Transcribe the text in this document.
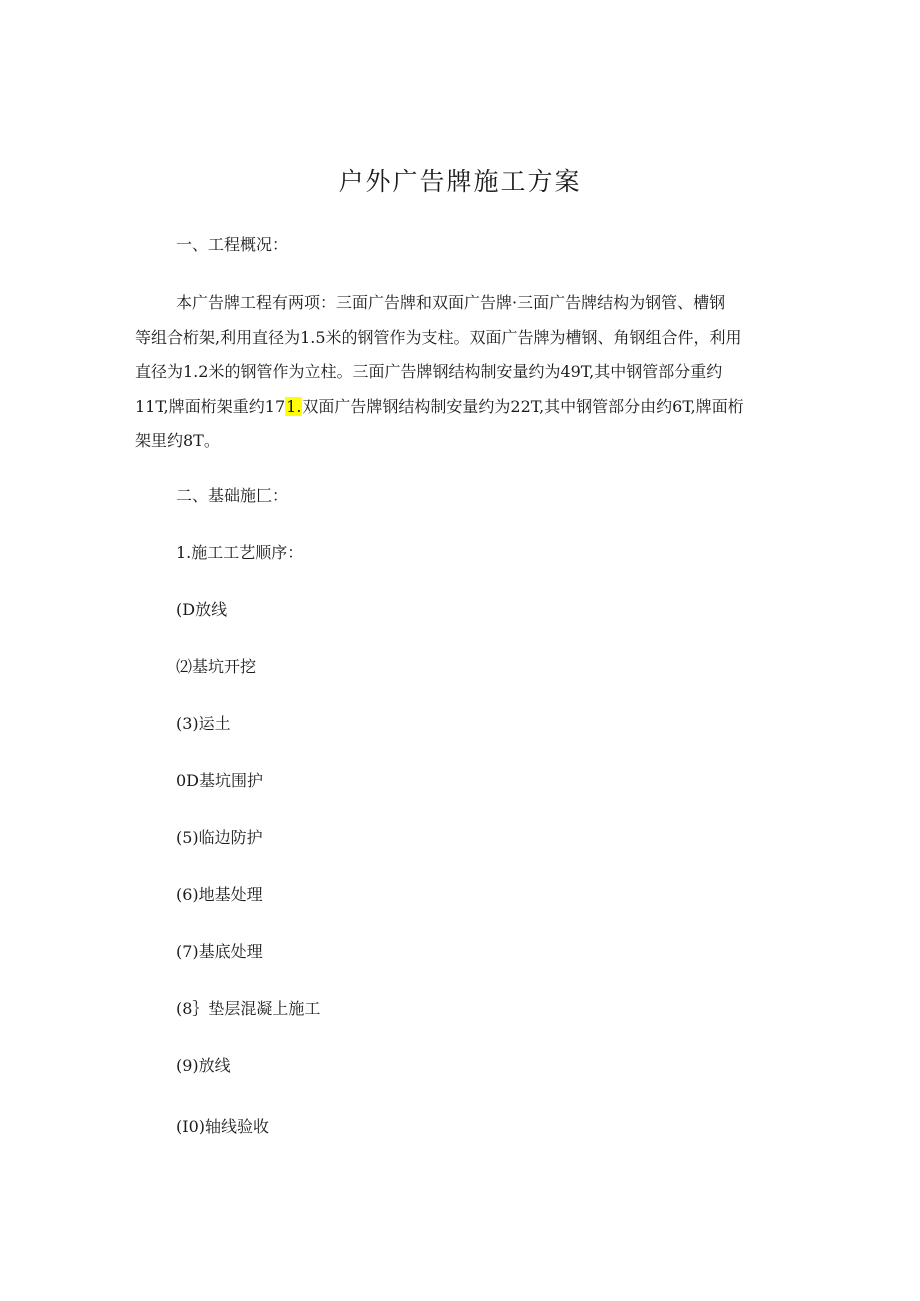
户外广告牌施工方案
一、工程概况：
本广告牌工程有两项：三面广告牌和双面广告牌·三面广告牌结构为钢管、槽钢
等组合桁架,利用直径为1.5米的钢管作为支柱。双面广告牌为槽钢、角钢组合件，利用
直径为1.2米的钢管作为立柱。三面广告牌钢结构制安量约为49T,其中钢管部分重约
11T,牌面桁架重约171.双面广告牌钢结构制安量约为22T,其中钢管部分由约6T,牌面桁
架里约8T。
二、基础施匚：
1.施工工艺顺序：
(D放线
⑵基坑开挖
(3)运土
0D基坑围护
(5)临边防护
(6)地基处理
(7)基底处理
(8｝垫层混凝上施工
(9)放线
(I0)轴线验收
